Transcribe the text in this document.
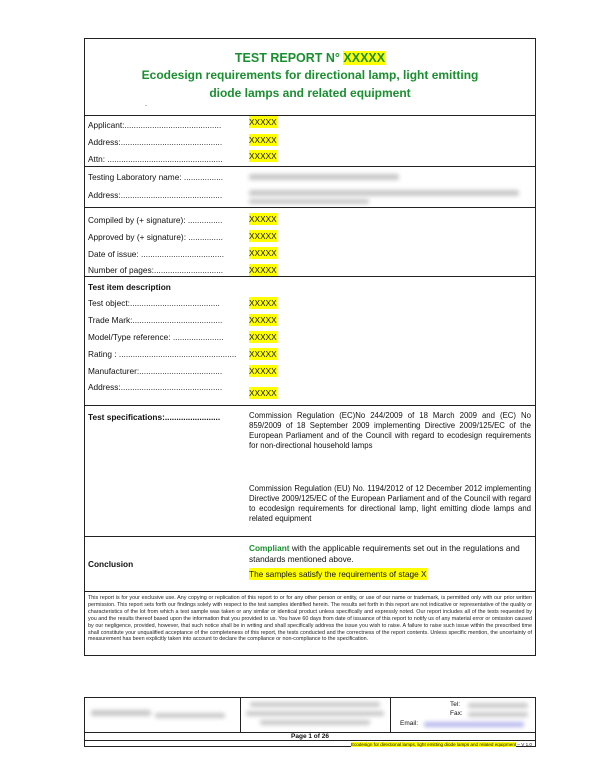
TEST REPORT N° XXXXX
Ecodesign requirements for directional lamp, light emitting
diode lamps and related equipment
-
Applicant:..........................................	XXXXX
Address:............................................	XXXXX
Attn: ..................................................	XXXXX
Testing Laboratory name: .................
Address:............................................
Compiled by (+ signature): ...............	XXXXX
Approved by (+ signature): ...............	XXXXX
Date of issue: ....................................	XXXXX
Number of pages:..............................	XXXXX
Test item description
Test object:.......................................	XXXXX
Trade Mark:.......................................	XXXXX
Model/Type reference: ......................	XXXXX
Rating : ................................................... XXXXX
Manufacturer:....................................	XXXXX
Address:............................................
XXXXX
Test specifications:........................	Commission Regulation (EC)No 244/2009 of 18 March 2009 and (EC) No 859/2009 of 18 September 2009 implementing Directive 2009/125/EC of the European Parliament and of the Council with regard to ecodesign requirements for non-directional household lamps
Commission Regulation (EU) No. 1194/2012 of 12 December 2012 implementing Directive 2009/125/EC of the European Parliament and of the Council with regard to ecodesign requirements for directional lamp, light emitting diode lamps and related equipment
Conclusion
Compliant with the applicable requirements set out in the regulations and standards mentioned above.
The samples satisfy the requirements of stage X
This report is for your exclusive use. Any copying or replication of this report to or for any other person or entity, or use of our name or trademark, is permitted only with our prior written permission. This report sets forth our findings solely with respect to the test samples identified herein. The results set forth in this report are not indicative or representative of the quality or characteristics of the lot from which a test sample was taken or any similar or identical product unless specifically and expressly noted. Our report includes all of the tests requested by you and the results thereof based upon the information that you provided to us. You have 60 days from date of issuance of this report to notify us of any material error or omission caused by our negligence, provided, however, that such notice shall be in writing and shall specifically address the issue you wish to raise. A failure to raise such issue within the prescribed time shall constitute your unqualified acceptance of the completeness of this report, the tests conducted and the correctness of the report contents. Unless specific mention, the uncertainty of measurement has been explicitly taken into account to declare the compliance or non-compliance to the specification.
Tel:
Fax:
Email:
Page 1 of 26
Ecodesign for directional lamps, light emitting diode lamps and related equipment – V 1.0
